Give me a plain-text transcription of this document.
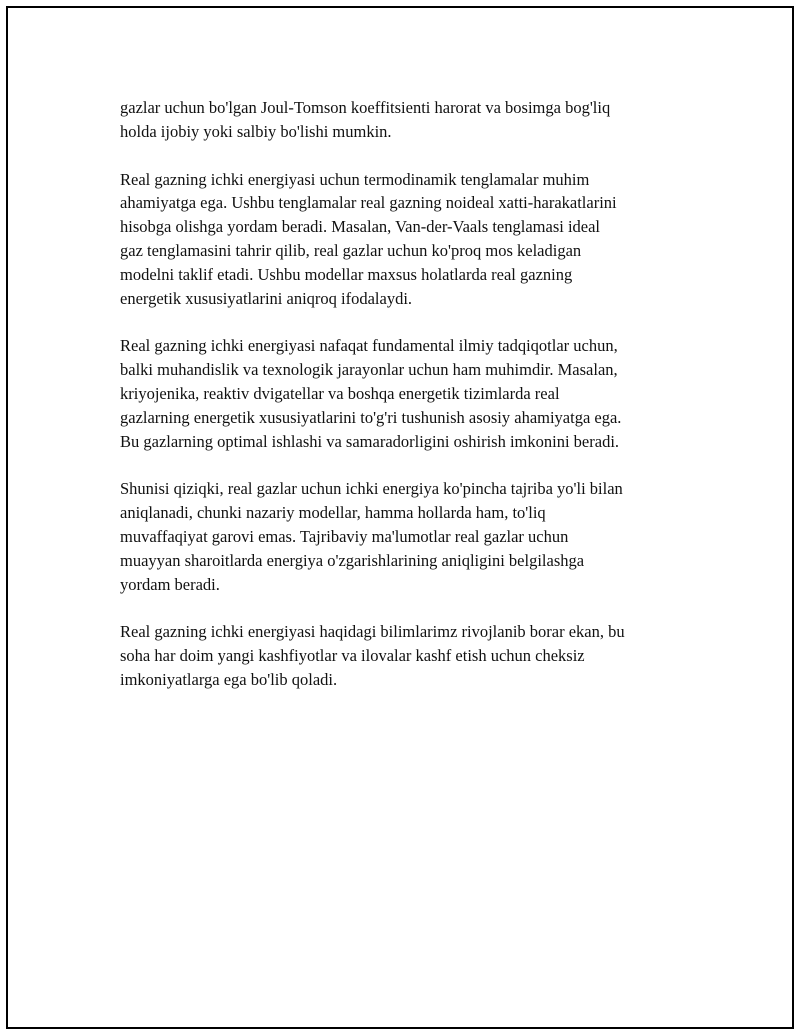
gazlar uchun bo'lgan Joul-Tomson koeffitsienti harorat va bosimga bog'liq
holda ijobiy yoki salbiy bo'lishi mumkin.

Real gazning ichki energiyasi uchun termodinamik tenglamalar muhim
ahamiyatga ega. Ushbu tenglamalar real gazning noideal xatti-harakatlarini
hisobga olishga yordam beradi. Masalan, Van-der-Vaals tenglamasi ideal
gaz tenglamasini tahrir qilib, real gazlar uchun ko'proq mos keladigan
modelni taklif etadi. Ushbu modellar maxsus holatlarda real gazning
energetik xususiyatlarini aniqroq ifodalaydi.

Real gazning ichki energiyasi nafaqat fundamental ilmiy tadqiqotlar uchun,
balki muhandislik va texnologik jarayonlar uchun ham muhimdir. Masalan,
kriyojenika, reaktiv dvigatellar va boshqa energetik tizimlarda real
gazlarning energetik xususiyatlarini to'g'ri tushunish asosiy ahamiyatga ega.
Bu gazlarning optimal ishlashi va samaradorligini oshirish imkonini beradi.

Shunisi qiziqki, real gazlar uchun ichki energiya ko'pincha tajriba yo'li bilan
aniqlanadi, chunki nazariy modellar, hamma hollarda ham, to'liq
muvaffaqiyat garovi emas. Tajribaviy ma'lumotlar real gazlar uchun
muayyan sharoitlarda energiya o'zgarishlarining aniqligini belgilashga
yordam beradi.

Real gazning ichki energiyasi haqidagi bilimlarimz rivojlanib borar ekan, bu
soha har doim yangi kashfiyotlar va ilovalar kashf etish uchun cheksiz
imkoniyatlarga ega bo'lib qoladi.
